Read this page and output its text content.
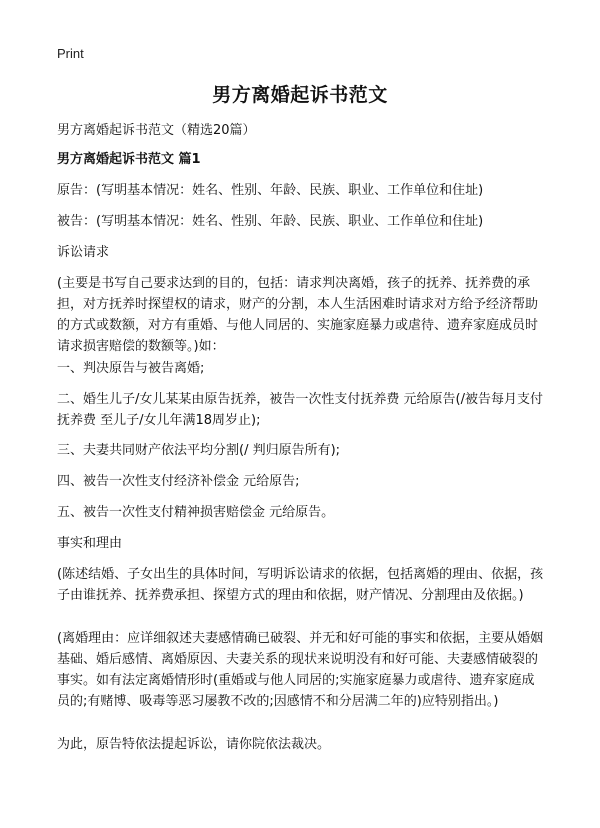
Print
男方离婚起诉书范文

男方离婚起诉书范文（精选20篇）

男方离婚起诉书范文 篇1

原告：(写明基本情况：姓名、性别、年龄、民族、职业、工作单位和住址)

被告：(写明基本情况：姓名、性别、年龄、民族、职业、工作单位和住址)

诉讼请求

(主要是书写自己要求达到的目的，包括：请求判决离婚，孩子的抚养、抚养费的承担，对方抚养时探望权的请求，财产的分割，本人生活困难时请求对方给予经济帮助的方式或数额，对方有重婚、与他人同居的、实施家庭暴力或虐待、遗弃家庭成员时请求损害赔偿的数额等。)如：

一、判决原告与被告离婚;

二、婚生儿子/女儿某某由原告抚养，被告一次性支付抚养费 元给原告(/被告每月支付抚养费 至儿子/女儿年满18周岁止);

三、夫妻共同财产依法平均分割(/ 判归原告所有);

四、被告一次性支付经济补偿金 元给原告;

五、被告一次性支付精神损害赔偿金 元给原告。

事实和理由

(陈述结婚、子女出生的具体时间，写明诉讼请求的依据，包括离婚的理由、依据，孩子由谁抚养、抚养费承担、探望方式的理由和依据，财产情况、分割理由及依据。)

(离婚理由：应详细叙述夫妻感情确已破裂、并无和好可能的事实和依据，主要从婚姻基础、婚后感情、离婚原因、夫妻关系的现状来说明没有和好可能、夫妻感情破裂的事实。如有法定离婚情形时(重婚或与他人同居的;实施家庭暴力或虐待、遗弃家庭成员的;有赌博、吸毒等恶习屡教不改的;因感情不和分居满二年的)应特别指出。)

为此，原告特依法提起诉讼，请你院依法裁决。
